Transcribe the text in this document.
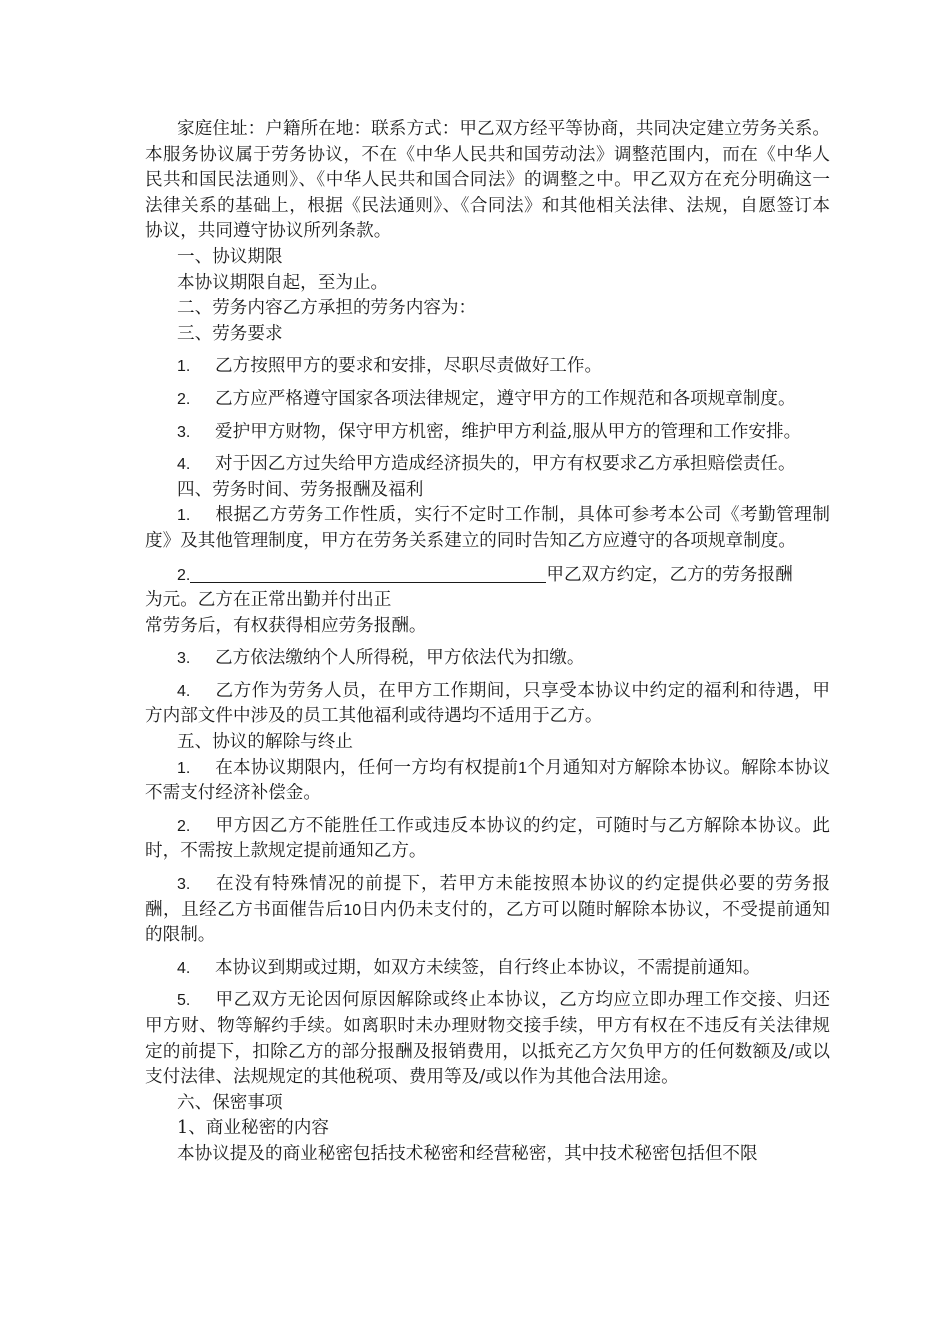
家庭住址：户籍所在地：联系方式：甲乙双方经平等协商，共同决定建立劳务关系。本服务协议属于劳务协议，不在《中华人民共和国劳动法》调整范围内，而在《中华人民共和国民法通则》、《中华人民共和国合同法》的调整之中。甲乙双方在充分明确这一法律关系的基础上，根据《民法通则》、《合同法》和其他相关法律、法规，自愿签订本协议，共同遵守协议所列条款。

一、协议期限

本协议期限自起，至为止。

二、劳务内容乙方承担的劳务内容为：

三、劳务要求

1. 乙方按照甲方的要求和安排，尽职尽责做好工作。

2. 乙方应严格遵守国家各项法律规定，遵守甲方的工作规范和各项规章制度。

3. 爱护甲方财物，保守甲方机密，维护甲方利益,服从甲方的管理和工作安排。

4. 对于因乙方过失给甲方造成经济损失的，甲方有权要求乙方承担赔偿责任。

四、劳务时间、劳务报酬及福利

1. 根据乙方劳务工作性质，实行不定时工作制，具体可参考本公司《考勤管理制度》及其他管理制度，甲方在劳务关系建立的同时告知乙方应遵守的各项规章制度。

2.	甲乙双方约定，乙方的劳务报酬
为元。乙方在正常出勤并付出正

常劳务后，有权获得相应劳务报酬。

3. 乙方依法缴纳个人所得税，甲方依法代为扣缴。

4. 乙方作为劳务人员，在甲方工作期间，只享受本协议中约定的福利和待遇，甲方内部文件中涉及的员工其他福利或待遇均不适用于乙方。

五、协议的解除与终止

1. 在本协议期限内，任何一方均有权提前1个月通知对方解除本协议。解除本协议不需支付经济补偿金。

2. 甲方因乙方不能胜任工作或违反本协议的约定，可随时与乙方解除本协议。此时，不需按上款规定提前通知乙方。

3. 在没有特殊情况的前提下，若甲方未能按照本协议的约定提供必要的劳务报酬，且经乙方书面催告后10日内仍未支付的，乙方可以随时解除本协议，不受提前通知的限制。

4. 本协议到期或过期，如双方未续签，自行终止本协议，不需提前通知。

5. 甲乙双方无论因何原因解除或终止本协议，乙方均应立即办理工作交接、归还甲方财、物等解约手续。如离职时未办理财物交接手续，甲方有权在不违反有关法律规定的前提下，扣除乙方的部分报酬及报销费用，以抵充乙方欠负甲方的任何数额及/或以支付法律、法规规定的其他税项、费用等及/或以作为其他合法用途。

六、保密事项

1、商业秘密的内容

本协议提及的商业秘密包括技术秘密和经营秘密，其中技术秘密包括但不限
